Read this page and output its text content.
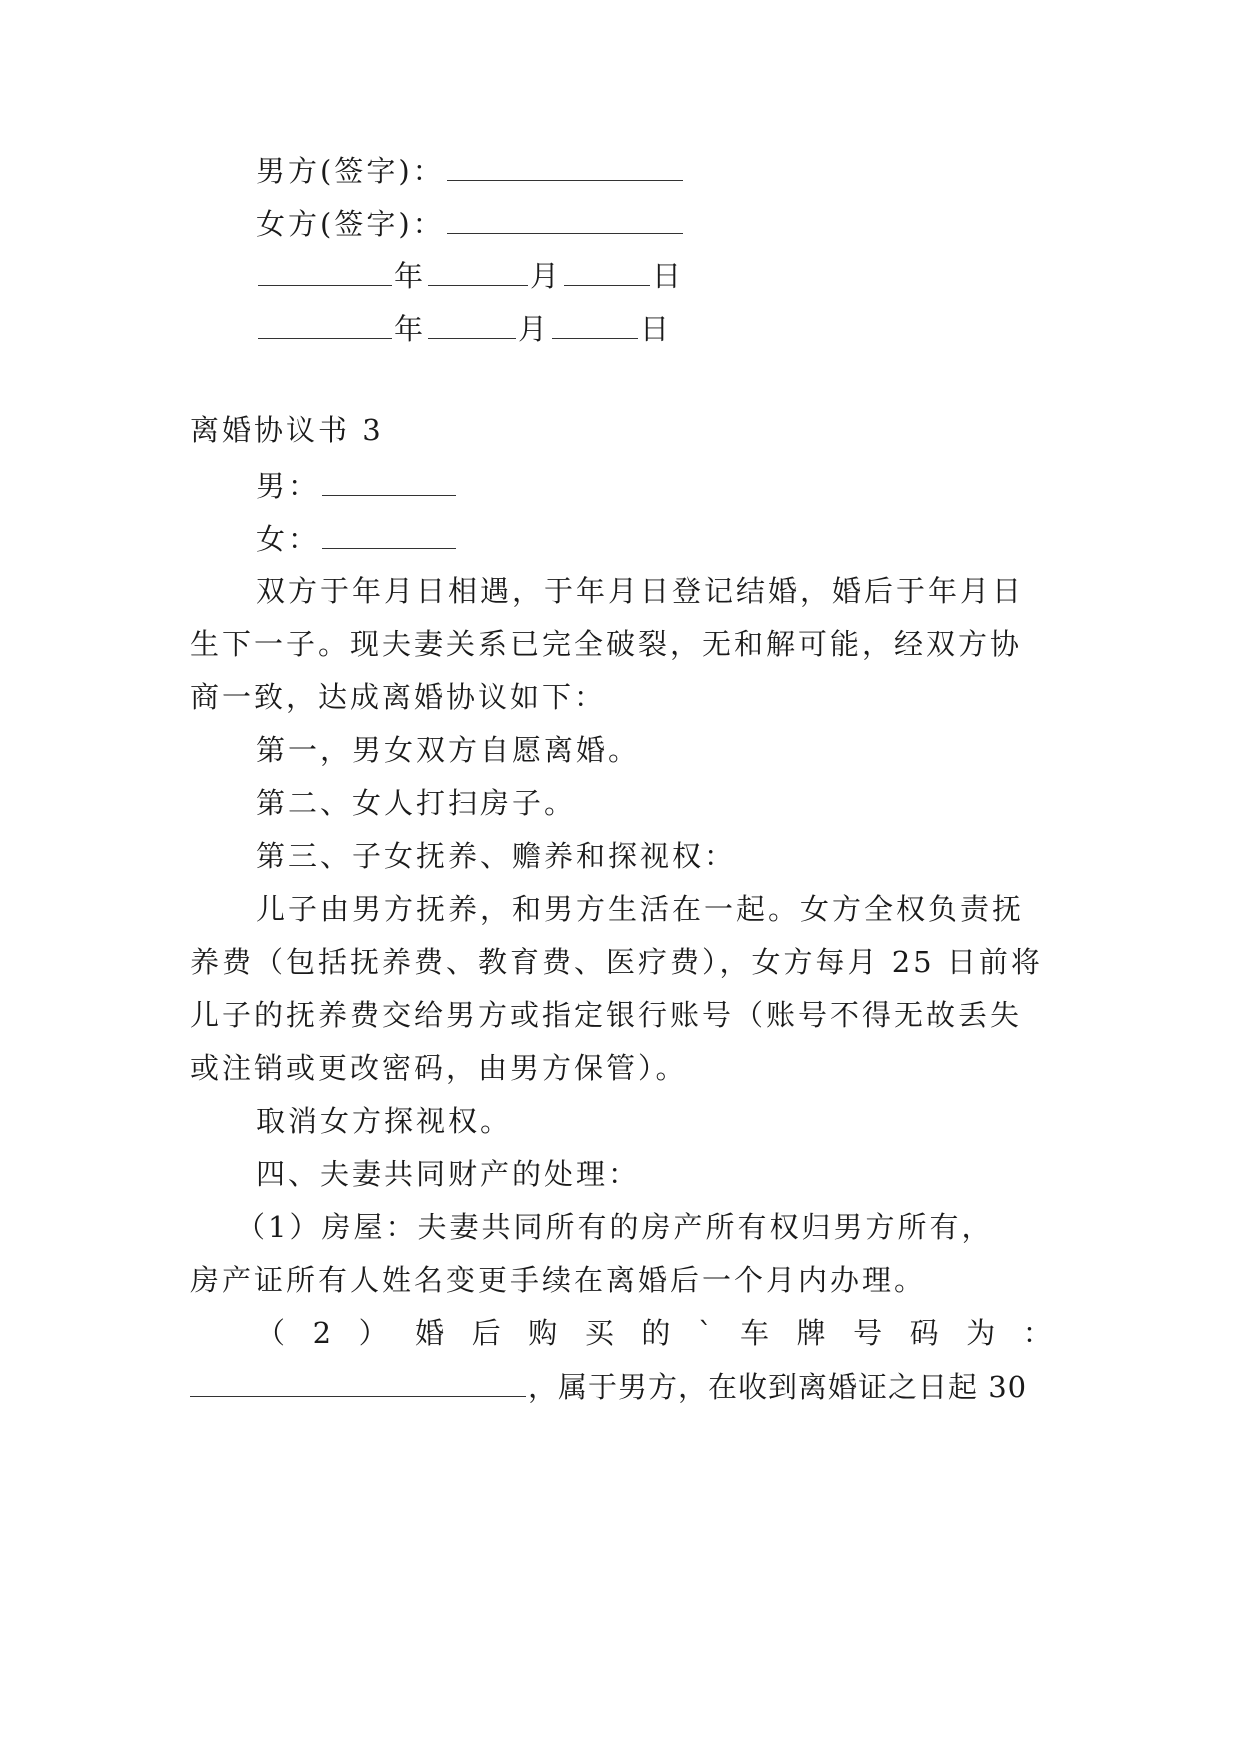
男方(签字)：
女方(签字)：
年	月	日
年	月	日
离婚协议书 3
男：
女：
双方于年月日相遇，于年月日登记结婚，婚后于年月日
生下一子。现夫妻关系已完全破裂，无和解可能，经双方协
商一致，达成离婚协议如下：
第一，男女双方自愿离婚。
第二、女人打扫房子。
第三、子女抚养、赡养和探视权：
儿子由男方抚养，和男方生活在一起。女方全权负责抚
养费（包括抚养费、教育费、医疗费），女方每月 25 日前将
儿子的抚养费交给男方或指定银行账号（账号不得无故丢失
或注销或更改密码，由男方保管）。
取消女方探视权。
四、夫妻共同财产的处理：
（1）房屋：夫妻共同所有的房产所有权归男方所有，
房产证所有人姓名变更手续在离婚后一个月内办理。
（ 2 ） 婚 后 购 买 的 ` 车 牌 号 码 为 ：
，属于男方，在收到离婚证之日起 30
